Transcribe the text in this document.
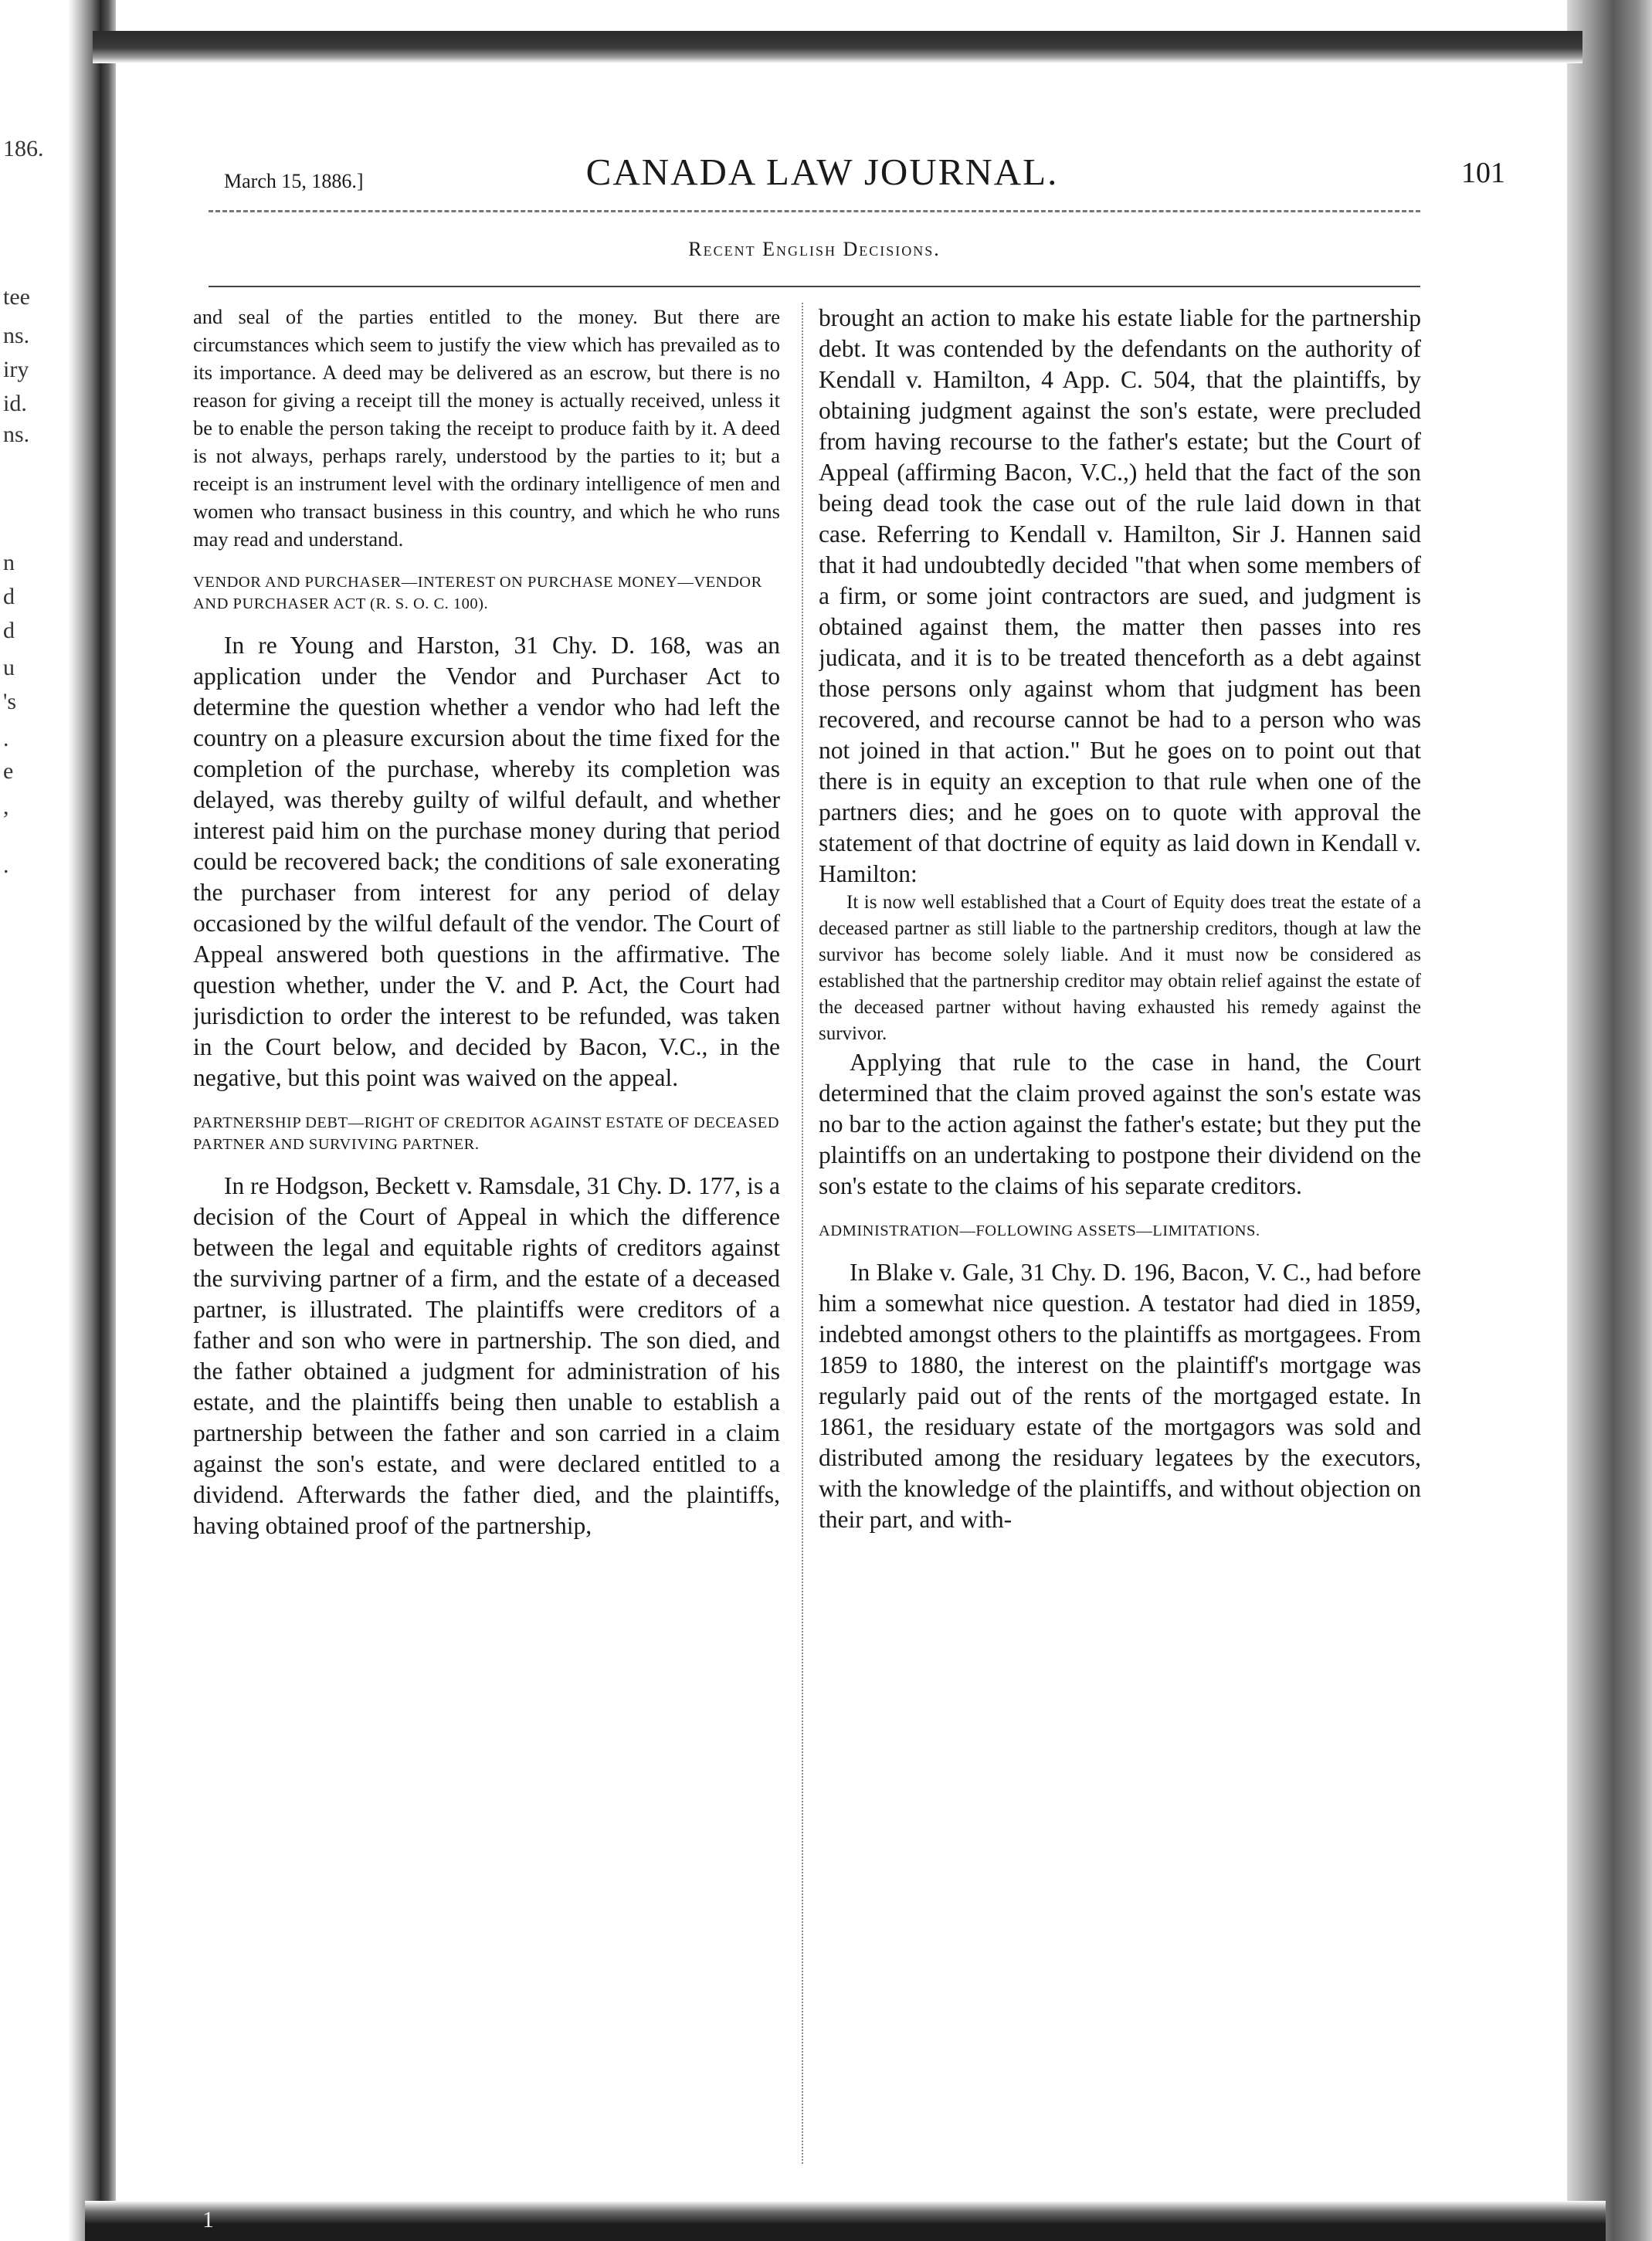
186.
tee
ns.
iry
id.
ns.
n
d
d
u
's
.
e
,
.
March 15, 1886.]	CANADA LAW JOURNAL.	101
Recent English Decisions.

and seal of the parties entitled to the money. But there are circumstances which seem to justify the view which has prevailed as to its importance. A deed may be delivered as an escrow, but there is no reason for giving a receipt till the money is actually received, unless it be to enable the person taking the receipt to produce faith by it. A deed is not always, perhaps rarely, understood by the parties to it; but a receipt is an instrument level with the ordinary intelligence of men and women who transact business in this country, and which he who runs may read and understand.

VENDOR AND PURCHASER—INTEREST ON PURCHASE MONEY—VENDOR AND PURCHASER ACT (R. S. O. C. 100).

In re Young and Harston, 31 Chy. D. 168, was an application under the Vendor and Purchaser Act to determine the question whether a vendor who had left the country on a pleasure excursion about the time fixed for the completion of the purchase, whereby its completion was delayed, was thereby guilty of wilful default, and whether interest paid him on the purchase money during that period could be recovered back; the conditions of sale exonerating the purchaser from interest for any period of delay occasioned by the wilful default of the vendor. The Court of Appeal answered both questions in the affirmative. The question whether, under the V. and P. Act, the Court had jurisdiction to order the interest to be refunded, was taken in the Court below, and decided by Bacon, V.C., in the negative, but this point was waived on the appeal.

PARTNERSHIP DEBT—RIGHT OF CREDITOR AGAINST ESTATE OF DECEASED PARTNER AND SURVIVING PARTNER.

In re Hodgson, Beckett v. Ramsdale, 31 Chy. D. 177, is a decision of the Court of Appeal in which the difference between the legal and equitable rights of creditors against the surviving partner of a firm, and the estate of a deceased partner, is illustrated. The plaintiffs were creditors of a father and son who were in partnership. The son died, and the father obtained a judgment for administration of his estate, and the plaintiffs being then unable to establish a partnership between the father and son carried in a claim against the son's estate, and were declared entitled to a dividend. Afterwards the father died, and the plaintiffs, having obtained proof of the partnership,

brought an action to make his estate liable for the partnership debt. It was contended by the defendants on the authority of Kendall v. Hamilton, 4 App. C. 504, that the plaintiffs, by obtaining judgment against the son's estate, were precluded from having recourse to the father's estate; but the Court of Appeal (affirming Bacon, V.C.,) held that the fact of the son being dead took the case out of the rule laid down in that case. Referring to Kendall v. Hamilton, Sir J. Hannen said that it had undoubtedly decided "that when some members of a firm, or some joint contractors are sued, and judgment is obtained against them, the matter then passes into res judicata, and it is to be treated thenceforth as a debt against those persons only against whom that judgment has been recovered, and recourse cannot be had to a person who was not joined in that action." But he goes on to point out that there is in equity an exception to that rule when one of the partners dies; and he goes on to quote with approval the statement of that doctrine of equity as laid down in Kendall v. Hamilton:

It is now well established that a Court of Equity does treat the estate of a deceased partner as still liable to the partnership creditors, though at law the survivor has become solely liable. And it must now be considered as established that the partnership creditor may obtain relief against the estate of the deceased partner without having exhausted his remedy against the survivor.

Applying that rule to the case in hand, the Court determined that the claim proved against the son's estate was no bar to the action against the father's estate; but they put the plaintiffs on an undertaking to postpone their dividend on the son's estate to the claims of his separate creditors.

ADMINISTRATION—FOLLOWING ASSETS—LIMITATIONS.

In Blake v. Gale, 31 Chy. D. 196, Bacon, V. C., had before him a somewhat nice question. A testator had died in 1859, indebted amongst others to the plaintiffs as mortgagees. From 1859 to 1880, the interest on the plaintiff's mortgage was regularly paid out of the rents of the mortgaged estate. In 1861, the residuary estate of the mortgagors was sold and distributed among the residuary legatees by the executors, with the knowledge of the plaintiffs, and without objection on their part, and with-

1
